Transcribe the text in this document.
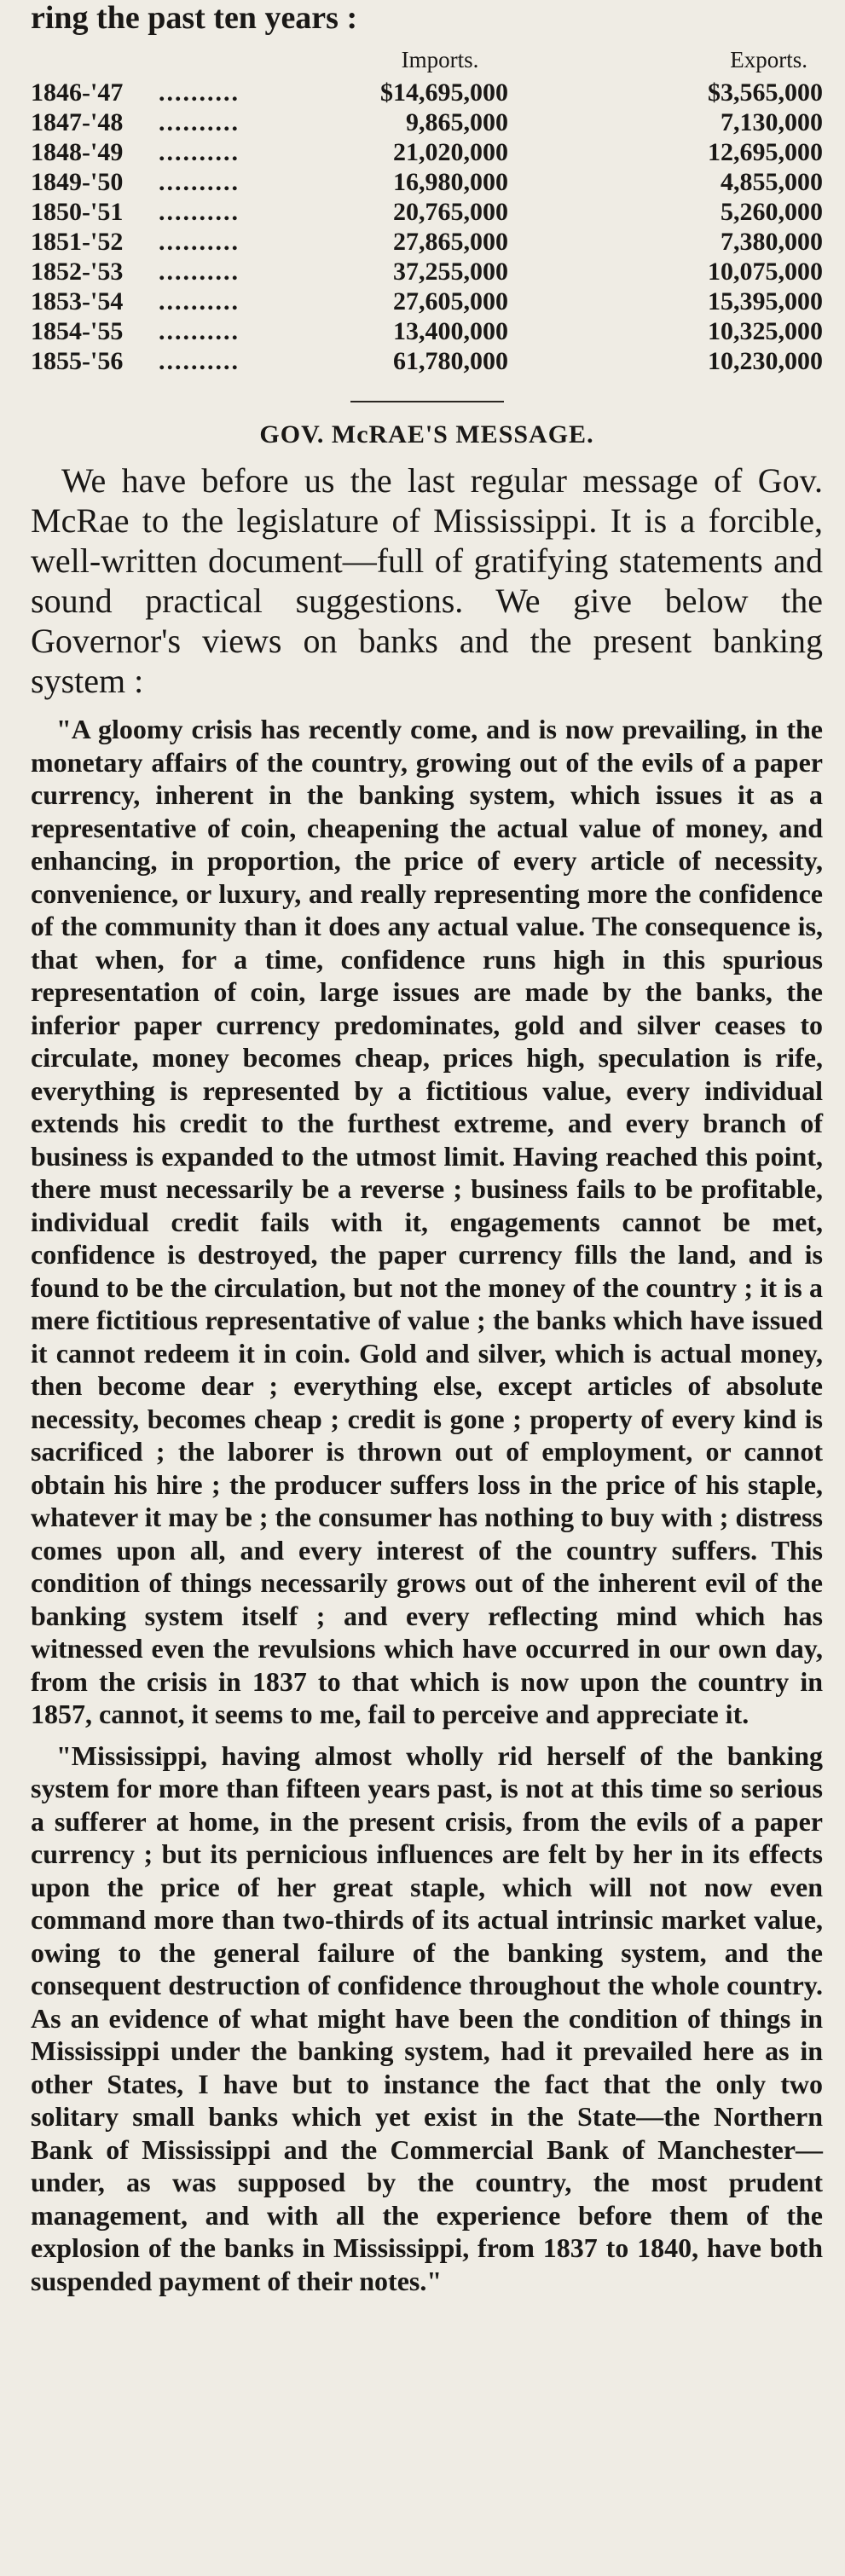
ring the past ten years :

Imports.	Exports.
1846-'47	..........	$14,695,000	$3,565,000
1847-'48	..........	9,865,000	7,130,000
1848-'49	..........	21,020,000	12,695,000
1849-'50	..........	16,980,000	4,855,000
1850-'51	..........	20,765,000	5,260,000
1851-'52	..........	27,865,000	7,380,000
1852-'53	..........	37,255,000	10,075,000
1853-'54	..........	27,605,000	15,395,000
1854-'55	..........	13,400,000	10,325,000
1855-'56	..........	61,780,000	10,230,000
GOV. McRAE'S MESSAGE.

We have before us the last regular message of Gov. McRae to the legislature of Mississippi. It is a forcible, well-written document—full of gratifying statements and sound practical suggestions. We give below the Governor's views on banks and the present banking system :

"A gloomy crisis has recently come, and is now prevailing, in the monetary affairs of the country, growing out of the evils of a paper currency, inherent in the banking system, which issues it as a representative of coin, cheapening the actual value of money, and enhancing, in proportion, the price of every article of necessity, convenience, or luxury, and really representing more the confidence of the community than it does any actual value. The consequence is, that when, for a time, confidence runs high in this spurious representation of coin, large issues are made by the banks, the inferior paper currency predominates, gold and silver ceases to circulate, money becomes cheap, prices high, speculation is rife, everything is represented by a fictitious value, every individual extends his credit to the furthest extreme, and every branch of business is expanded to the utmost limit. Having reached this point, there must necessarily be a reverse ; business fails to be profitable, individual credit fails with it, engagements cannot be met, confidence is destroyed, the paper currency fills the land, and is found to be the circulation, but not the money of the country ; it is a mere fictitious representative of value ; the banks which have issued it cannot redeem it in coin. Gold and silver, which is actual money, then become dear ; everything else, except articles of absolute necessity, becomes cheap ; credit is gone ; property of every kind is sacrificed ; the laborer is thrown out of employment, or cannot obtain his hire ; the producer suffers loss in the price of his staple, whatever it may be ; the consumer has nothing to buy with ; distress comes upon all, and every interest of the country suffers. This condition of things necessarily grows out of the inherent evil of the banking system itself ; and every reflecting mind which has witnessed even the revulsions which have occurred in our own day, from the crisis in 1837 to that which is now upon the country in 1857, cannot, it seems to me, fail to perceive and appreciate it.

"Mississippi, having almost wholly rid herself of the banking system for more than fifteen years past, is not at this time so serious a sufferer at home, in the present crisis, from the evils of a paper currency ; but its pernicious influences are felt by her in its effects upon the price of her great staple, which will not now even command more than two-thirds of its actual intrinsic market value, owing to the general failure of the banking system, and the consequent destruction of confidence throughout the whole country. As an evidence of what might have been the condition of things in Mississippi under the banking system, had it prevailed here as in other States, I have but to instance the fact that the only two solitary small banks which yet exist in the State—the Northern Bank of Mississippi and the Commercial Bank of Manchester—under, as was supposed by the country, the most prudent management, and with all the experience before them of the explosion of the banks in Mississippi, from 1837 to 1840, have both suspended payment of their notes."
